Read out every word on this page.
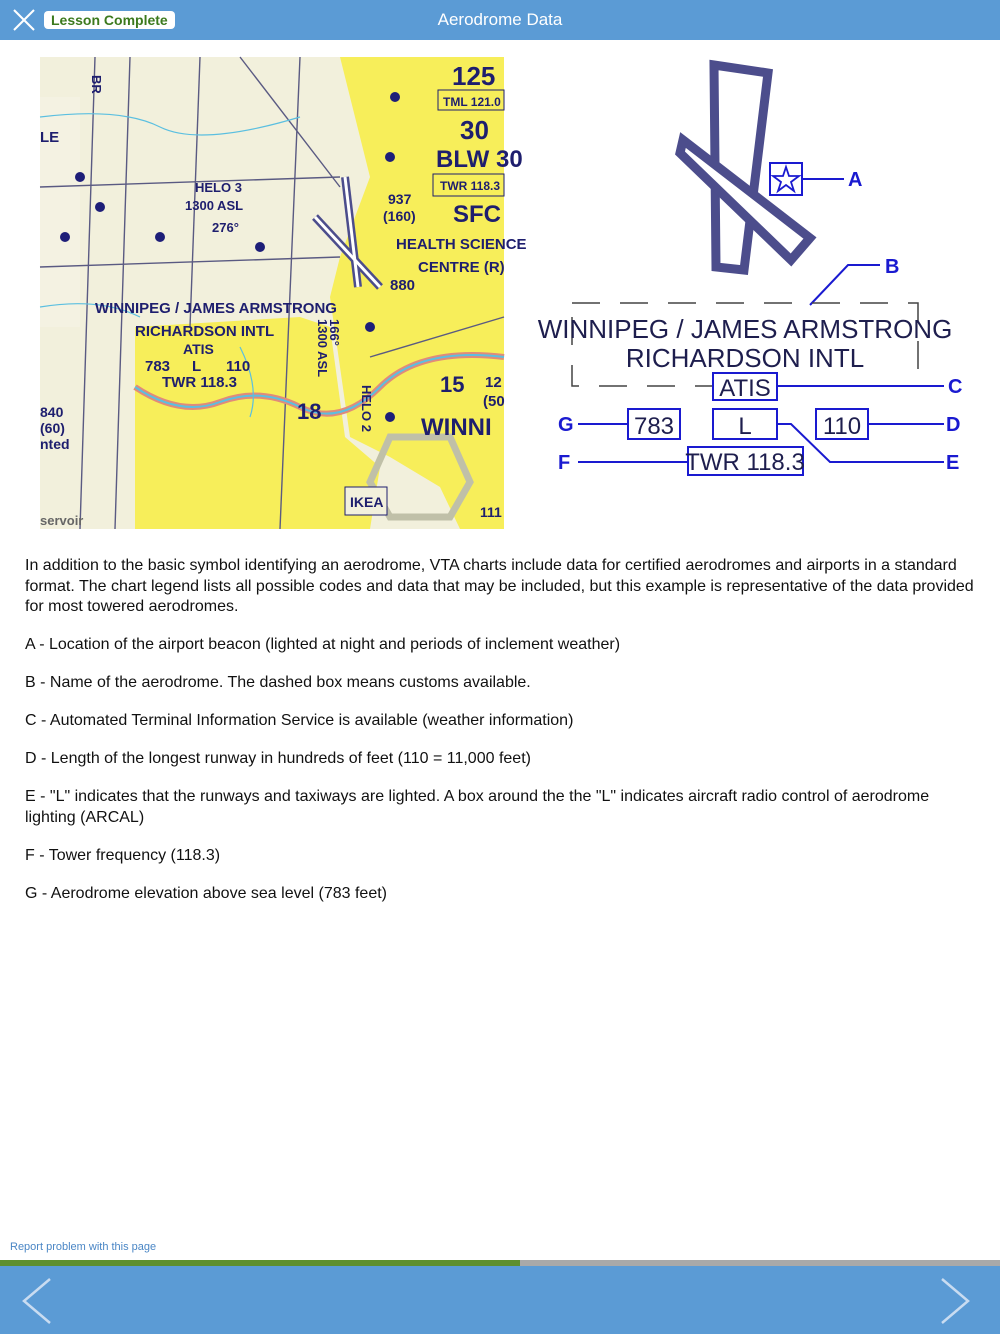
Lesson Complete	Aerodrome Data
125
TML 121.0
30
BLW 30
TWR 118.3
SFC
HELO 3
1300 ASL
276°
937
(160)
HEALTH SCIENCE
CENTRE (R)
880
WINNIPEG / JAMES ARMSTRONG
RICHARDSON INTL
ATIS
783 L 110
TWR 118.3
166°
1300 ASL
HELO 2
15
18
12
(50
WINNI
IKEA
111
LE
840
(60)
nted
servoir
BR
A
B
WINNIPEG / JAMES ARMSTRONG
RICHARDSON INTL
ATIS	C
783
G	L
E
110	D
TWR 118.3
F

In addition to the basic symbol identifying an aerodrome, VTA charts include data for certified aerodromes and airports in a standard format. The chart legend lists all possible codes and data that may be included, but this example is representative of the data provided for most towered aerodromes.

A - Location of the airport beacon (lighted at night and periods of inclement weather)

B - Name of the aerodrome. The dashed box means customs available.

C - Automated Terminal Information Service is available (weather information)

D - Length of the longest runway in hundreds of feet (110 = 11,000 feet)

E - "L" indicates that the runways and taxiways are lighted. A box around the the "L" indicates aircraft radio control of aerodrome lighting (ARCAL)

F - Tower frequency (118.3)

G - Aerodrome elevation above sea level (783 feet)

Report problem with this page
